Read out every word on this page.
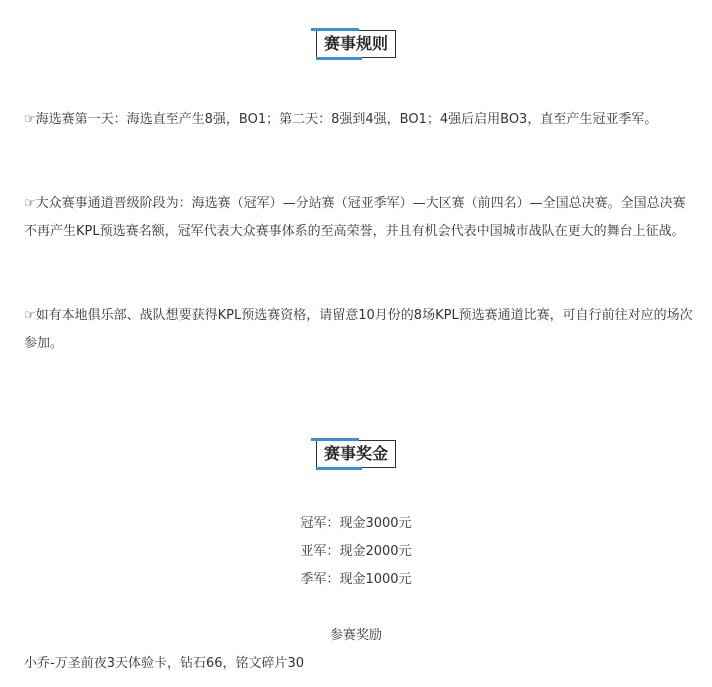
赛事规则

☞海选赛第一天：海选直至产生8强，BO1；第二天：8强到4强，BO1；4强后启用BO3，直至产生冠亚季军。

☞大众赛事通道晋级阶段为：海选赛（冠军）—分站赛（冠亚季军）—大区赛（前四名）—全国总决赛。全国总决赛不再产生KPL预选赛名额，冠军代表大众赛事体系的至高荣誉，并且有机会代表中国城市战队在更大的舞台上征战。

☞如有本地俱乐部、战队想要获得KPL预选赛资格，请留意10月份的8场KPL预选赛通道比赛，可自行前往对应的场次参加。

赛事奖金
冠军：现金3000元
亚军：现金2000元
季军：现金1000元
参赛奖励
小乔-万圣前夜3天体验卡，钻石66，铭文碎片30
